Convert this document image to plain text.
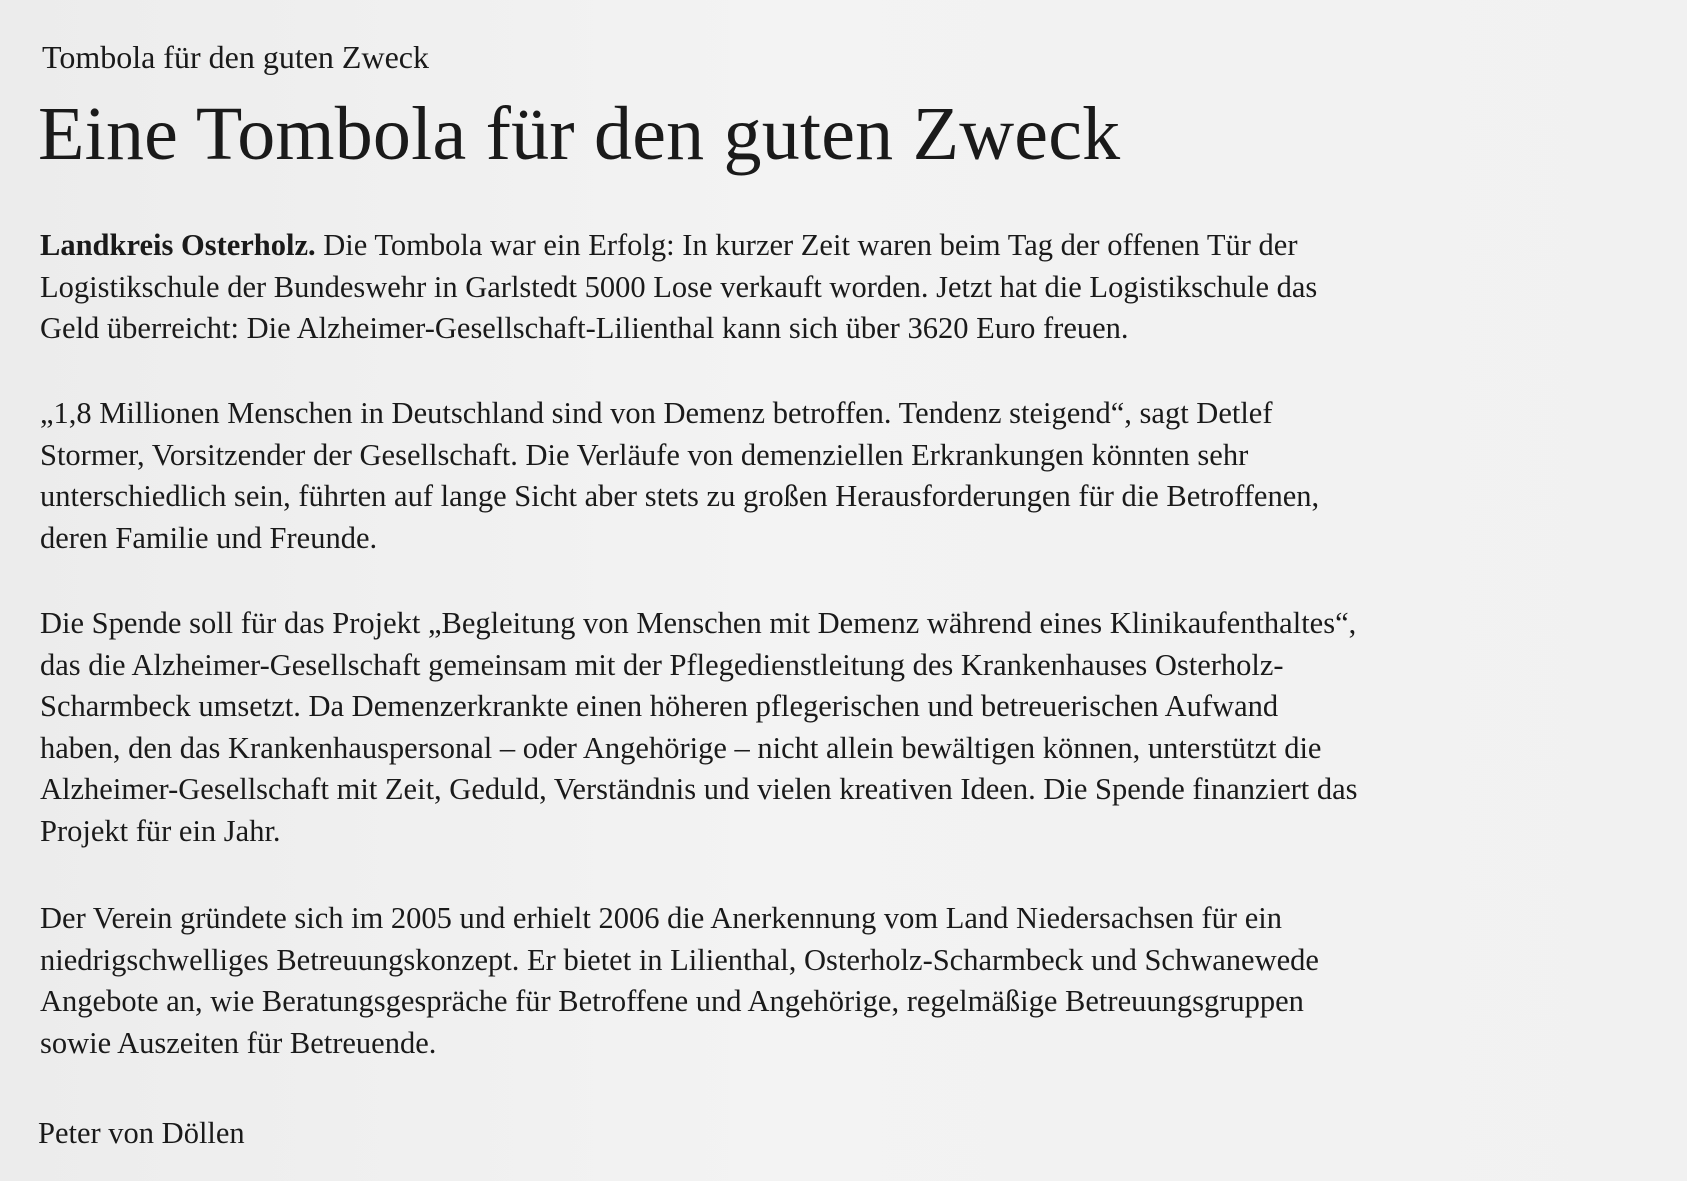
Tombola für den guten Zweck
Eine Tombola für den guten Zweck

Landkreis Osterholz. Die Tombola war ein Erfolg: In kurzer Zeit waren beim Tag der offenen Tür der
Logistikschule der Bundeswehr in Garlstedt 5000 Lose verkauft worden. Jetzt hat die Logistikschule das
Geld überreicht: Die Alzheimer-Gesellschaft-Lilienthal kann sich über 3620 Euro freuen.

„1,8 Millionen Menschen in Deutschland sind von Demenz betroffen. Tendenz steigend“, sagt Detlef
Stormer, Vorsitzender der Gesellschaft. Die Verläufe von demenziellen Erkrankungen könnten sehr
unterschiedlich sein, führten auf lange Sicht aber stets zu großen Herausforderungen für die Betroffenen,
deren Familie und Freunde.

Die Spende soll für das Projekt „Begleitung von Menschen mit Demenz während eines Klinikaufenthaltes“,
das die Alzheimer-Gesellschaft gemeinsam mit der Pflegedienstleitung des Krankenhauses Osterholz-
Scharmbeck umsetzt. Da Demenzerkrankte einen höheren pflegerischen und betreuerischen Aufwand
haben, den das Krankenhauspersonal – oder Angehörige – nicht allein bewältigen können, unterstützt die
Alzheimer-Gesellschaft mit Zeit, Geduld, Verständnis und vielen kreativen Ideen. Die Spende finanziert das
Projekt für ein Jahr.

Der Verein gründete sich im 2005 und erhielt 2006 die Anerkennung vom Land Niedersachsen für ein
niedrigschwelliges Betreuungskonzept. Er bietet in Lilienthal, Osterholz-Scharmbeck und Schwanewede
Angebote an, wie Beratungsgespräche für Betroffene und Angehörige, regelmäßige Betreuungsgruppen
sowie Auszeiten für Betreuende.

Peter von Döllen
